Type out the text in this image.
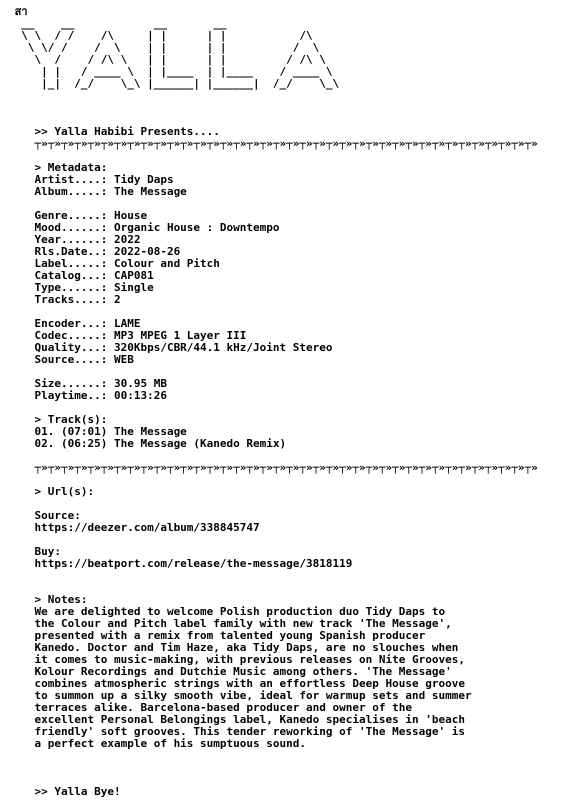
สา
__    __            __       __
\ \  / /    /\     | |      | |           /\
\ \/ /    /  \    | |      | |          /  \
\  /    / /\ \   | |      | |         / /\ \
| |   / ____ \  | |____  | |____    / ____ \
|_|  /_/    \_\ |______| |______|  /_/    \_\

>> Yalla Habibi Presents....
┬»┬»┬»┬»┬»┬»┬»┬»┬»┬»┬»┬»┬»┬»┬»┬»┬»┬»┬»┬»┬»┬»┬»┬»┬»┬»┬»┬»┬»┬»┬»┬»┬»┬»┬»┬»┬»┬»

> Metadata:
Artist....: Tidy Daps
Album.....: The Message

Genre.....: House
Mood......: Organic House : Downtempo
Year......: 2022
Rls.Date..: 2022-08-26
Label.....: Colour and Pitch
Catalog...: CAP081
Type......: Single
Tracks....: 2

Encoder...: LAME
Codec.....: MP3 MPEG 1 Layer III
Quality...: 320Kbps/CBR/44.1 kHz/Joint Stereo
Source....: WEB

Size......: 30.95 MB
Playtime..: 00:13:26

> Track(s):
01. (07:01) The Message
02. (06:25) The Message (Kanedo Remix)

┬»┬»┬»┬»┬»┬»┬»┬»┬»┬»┬»┬»┬»┬»┬»┬»┬»┬»┬»┬»┬»┬»┬»┬»┬»┬»┬»┬»┬»┬»┬»┬»┬»┬»┬»┬»┬»┬»

> Url(s):

Source:
https://deezer.com/album/338845747

Buy:
https://beatport.com/release/the-message/3818119

> Notes:
We are delighted to welcome Polish production duo Tidy Daps to
the Colour and Pitch label family with new track 'The Message',
presented with a remix from talented young Spanish producer
Kanedo. Doctor and Tim Haze, aka Tidy Daps, are no slouches when
it comes to music-making, with previous releases on Nite Grooves,
Kolour Recordings and Dutchie Music among others. 'The Message'
combines atmospheric strings with an effortless Deep House groove
to summon up a silky smooth vibe, ideal for warmup sets and summer
terraces alike. Barcelona-based producer and owner of the
excellent Personal Belongings label, Kanedo specialises in 'beach
friendly' soft grooves. This tender reworking of 'The Message' is
a perfect example of his sumptuous sound.

>> Yalla Bye!
